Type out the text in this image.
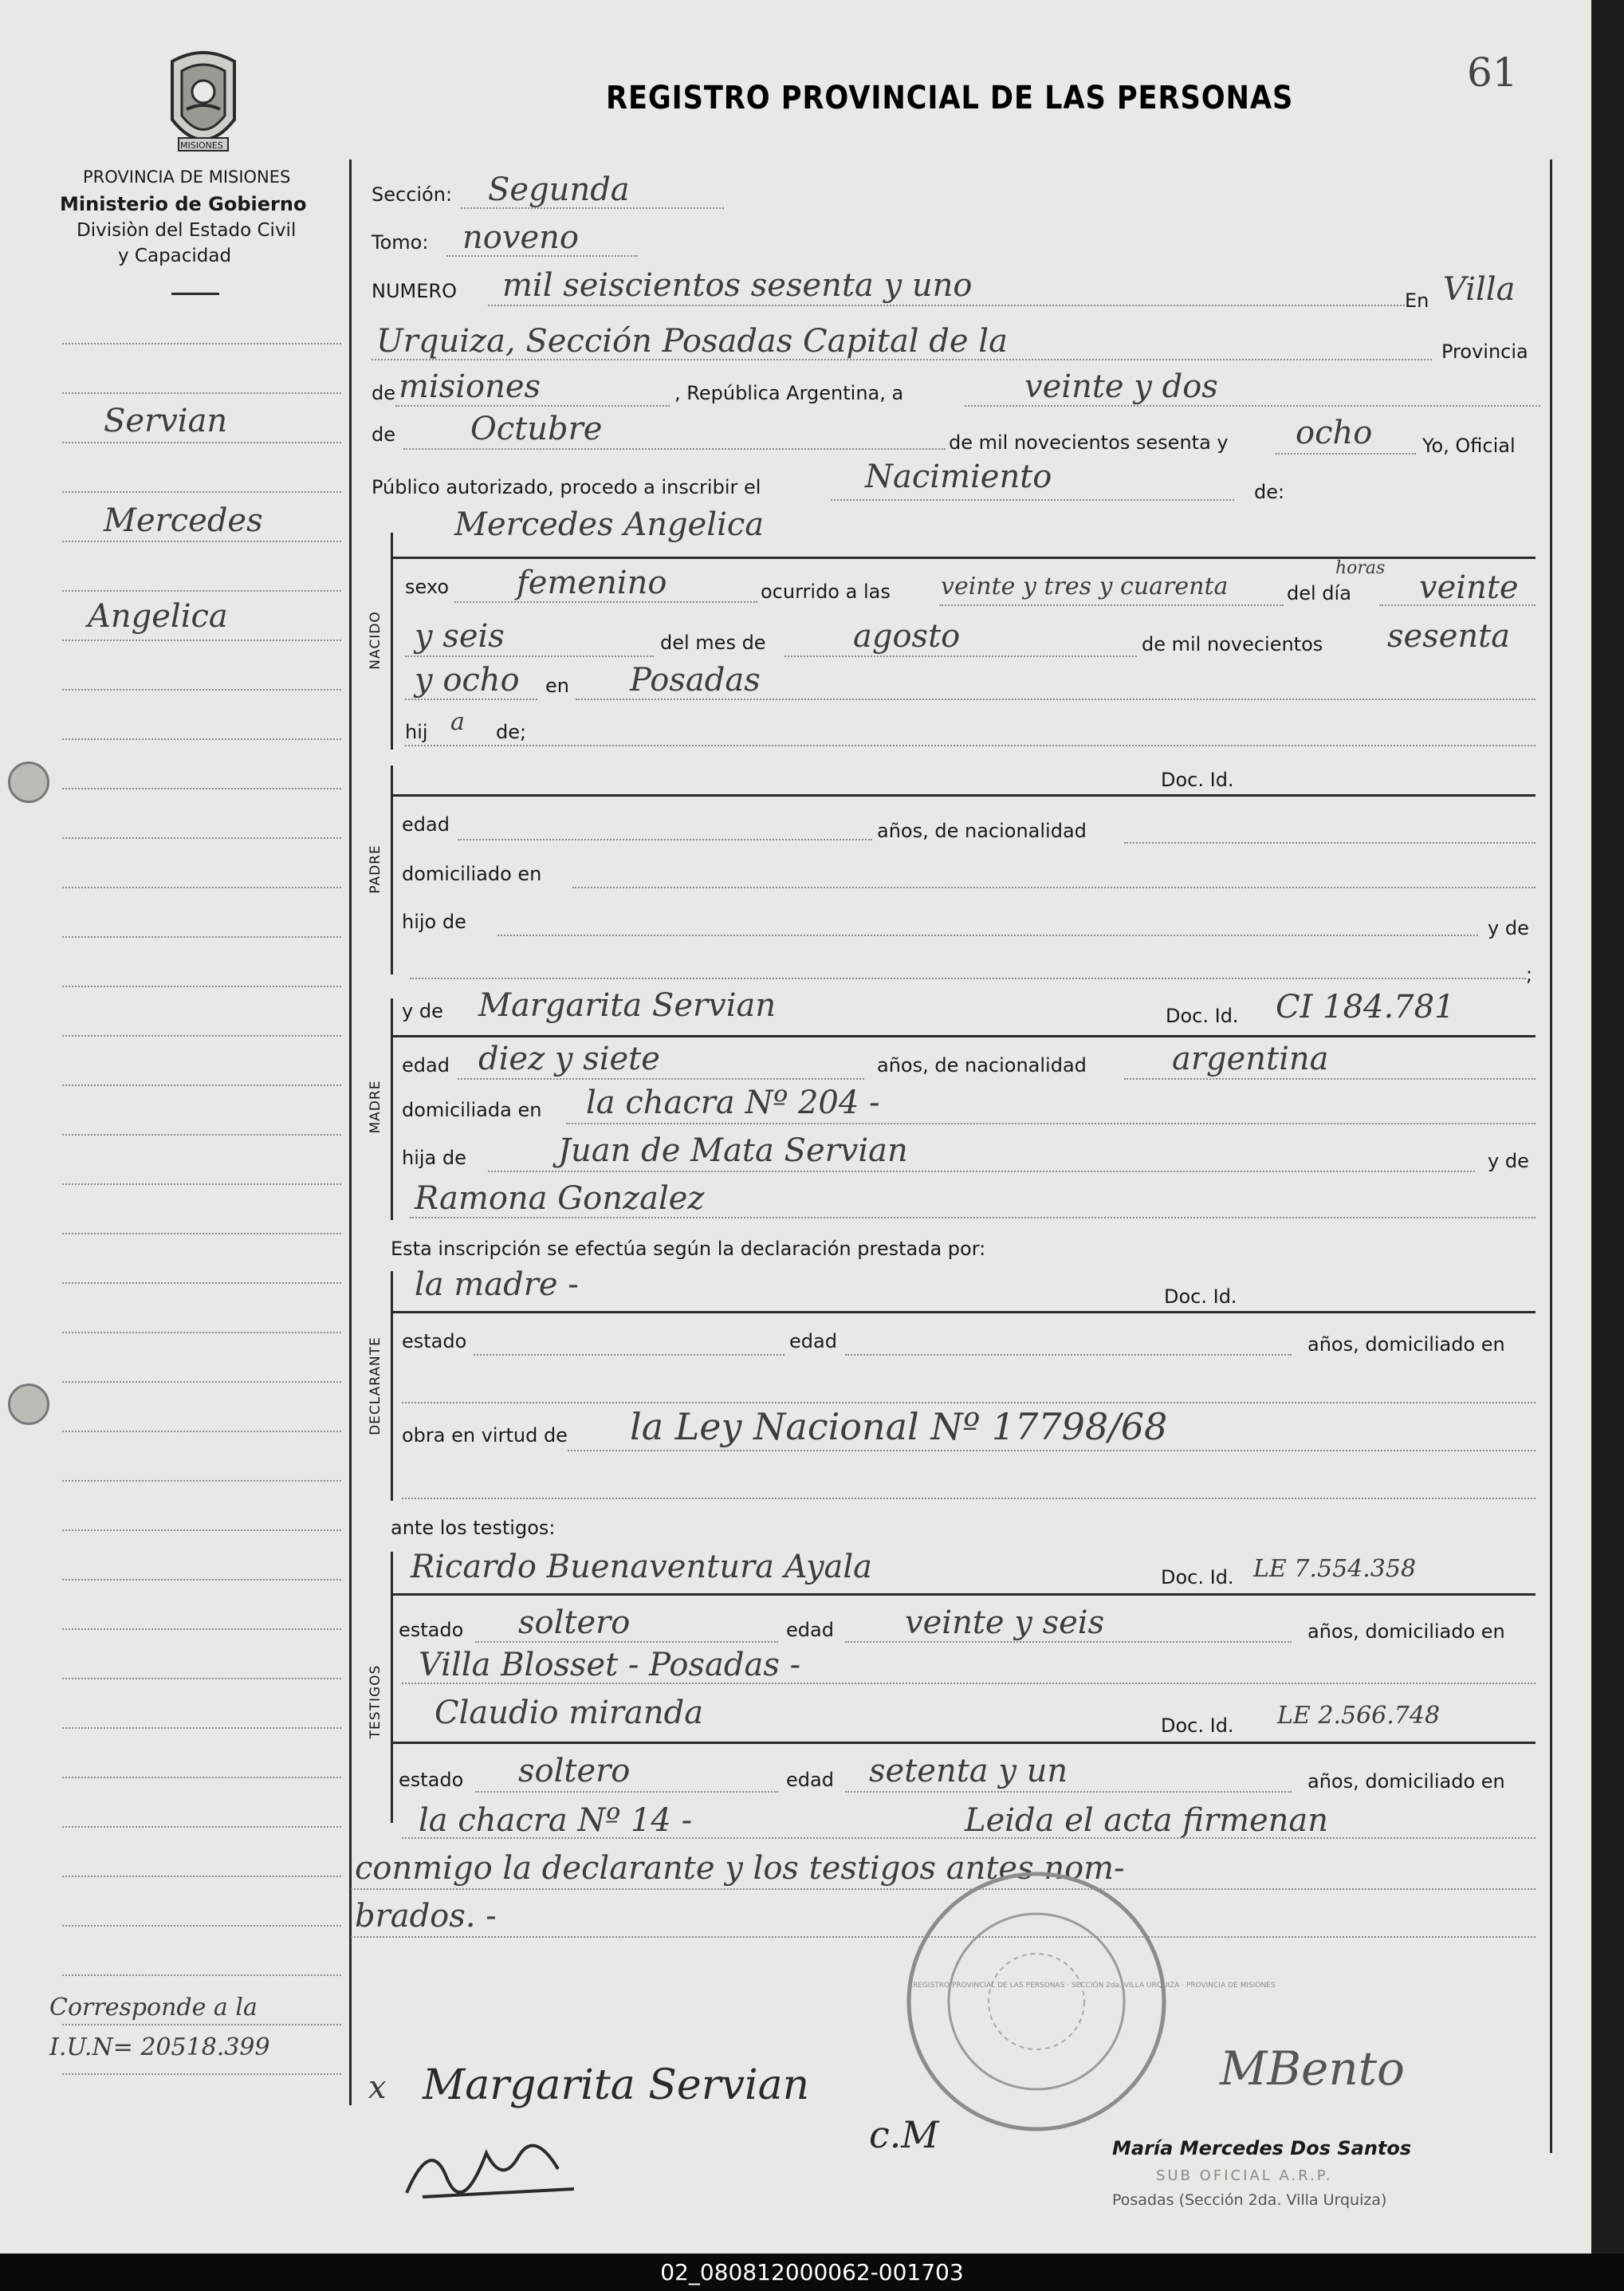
MISIONES
PROVINCIA DE MISIONES
Ministerio de Gobierno
Divisiòn del Estado Civil
y Capacidad
REGISTRO PROVINCIAL DE LAS PERSONAS
61
Servian
Mercedes
Angelica
Corresponde a la
I.U.N= 20518.399
Sección: Segunda
Tomo: noveno
NUMERO mil seiscientos sesenta y uno	En Villa
Urquiza, Sección Posadas Capital de la	Provincia
de misiones	, República Argentina, a	veinte y dos
de Octubre	de mil novecientos sesenta y ocho	Yo, Oficial
Público autorizado, procedo a inscribir el	Nacimiento	de:
NACIDO
Mercedes Angelica
sexo femenino	ocurrido a las veinte y tres y cuarenta
horas
del día veinte
y seis	del mes de	agosto	de mil novecientos sesenta
y ocho en Posadas
hij a de;
PADRE
Doc. Id.
edad	años, de nacionalidad
domiciliado en
hijo de	y de
;
MADRE
y de Margarita Servian	Doc. Id. CI 184.781
edad diez y siete	años, de nacionalidad	argentina
domiciliada en la chacra Nº 204 -
hija de	Juan de Mata Servian	y de
Ramona Gonzalez
Esta inscripción se efectúa según la declaración prestada por:
DECLARANTE
la madre -	Doc. Id.
estado	edad	años, domiciliado en
obra en virtud de la Ley Nacional Nº 17798/68
ante los testigos:
TESTIGOS
Ricardo Buenaventura Ayala	Doc. Id. LE 7.554.358
estado soltero	edad veinte y seis	años, domiciliado en
Villa Blosset - Posadas -
Claudio miranda	Doc. Id. LE 2.566.748
estado soltero	edad setenta y un	años, domiciliado en
la chacra Nº 14 -	Leida el acta firmenan
conmigo la declarante y los testigos antes nom-
brados. -
REGISTRO PROVINCIAL DE LAS PERSONAS · SECCIÓN 2da. VILLA URQUIZA · PROVINCIA DE MISIONES
x Margarita Servian
c.M
MBento
María Mercedes Dos Santos
SUB OFICIAL A.R.P.
Posadas (Sección 2da. Villa Urquiza)
02_080812000062-001703
